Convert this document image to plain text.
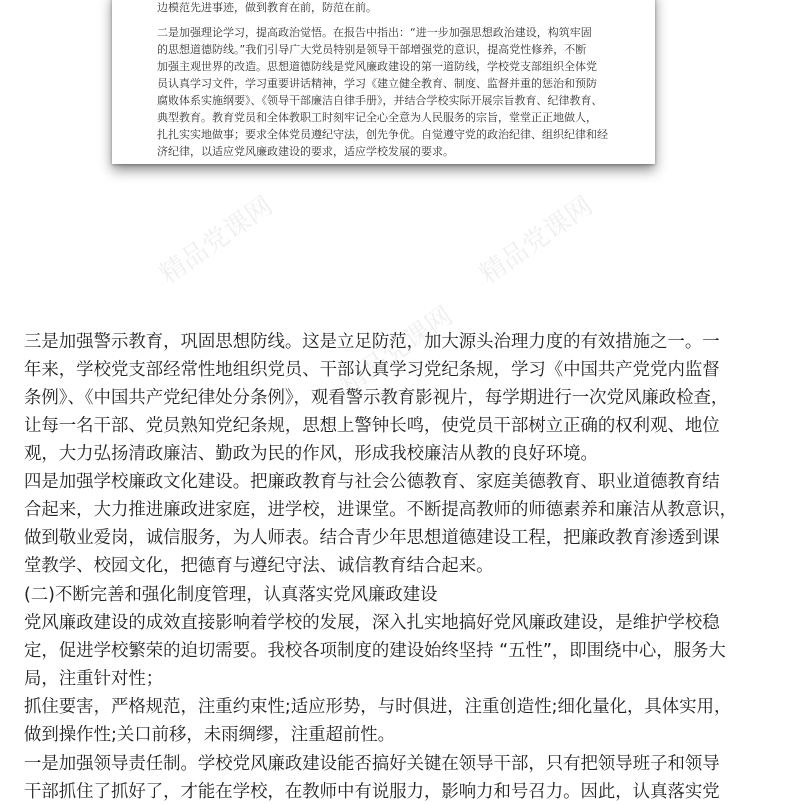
边模范先进事迹，做到教育在前，防范在前。
二是加强理论学习，提高政治觉悟。在报告中指出：“进一步加强思想政治建设，构筑牢固
的思想道德防线。”我们引导广大党员特别是领导干部增强党的意识，提高党性修养，不断
加强主观世界的改造。思想道德防线是党风廉政建设的第一道防线，学校党支部组织全体党
员认真学习文件，学习重要讲话精神，学习《建立健全教育、制度、监督并重的惩治和预防
腐败体系实施纲要》、《领导干部廉洁自律手册》，并结合学校实际开展宗旨教育、纪律教育、
典型教育。教育党员和全体教职工时刻牢记全心全意为人民服务的宗旨，堂堂正正地做人，
扎扎实实地做事；要求全体党员遵纪守法，创先争优。自觉遵守党的政治纪律、组织纪律和经
济纪律，以适应党风廉政建设的要求，适应学校发展的要求。
精品党课网	精品党课网
精品党课网
三是加强警示教育，巩固思想防线。这是立足防范，加大源头治理力度的有效措施之一。一
年来，学校党支部经常性地组织党员、干部认真学习党纪条规，学习《中国共产党党内监督
条例》、《中国共产党纪律处分条例》，观看警示教育影视片，每学期进行一次党风廉政检查，
让每一名干部、党员熟知党纪条规，思想上警钟长鸣，使党员干部树立正确的权利观、地位
观，大力弘扬清政廉洁、勤政为民的作风，形成我校廉洁从教的良好环境。
四是加强学校廉政文化建设。把廉政教育与社会公德教育、家庭美德教育、职业道德教育结
合起来，大力推进廉政进家庭，进学校，进课堂。不断提高教师的师德素养和廉洁从教意识，
做到敬业爱岗，诚信服务，为人师表。结合青少年思想道德建设工程，把廉政教育渗透到课
堂教学、校园文化，把德育与遵纪守法、诚信教育结合起来。
(二)不断完善和强化制度管理，认真落实党风廉政建设
党风廉政建设的成效直接影响着学校的发展，深入扎实地搞好党风廉政建设，是维护学校稳
定，促进学校繁荣的迫切需要。我校各项制度的建设始终坚持 “五性”，即围绕中心，服务大
局，注重针对性；
抓住要害，严格规范，注重约束性;适应形势，与时俱进，注重创造性;细化量化，具体实用，
做到操作性;关口前移，未雨绸缪，注重超前性。
一是加强领导责任制。学校党风廉政建设能否搞好关键在领导干部，只有把领导班子和领导
干部抓住了抓好了，才能在学校，在教师中有说服力，影响力和号召力。因此，认真落实党
